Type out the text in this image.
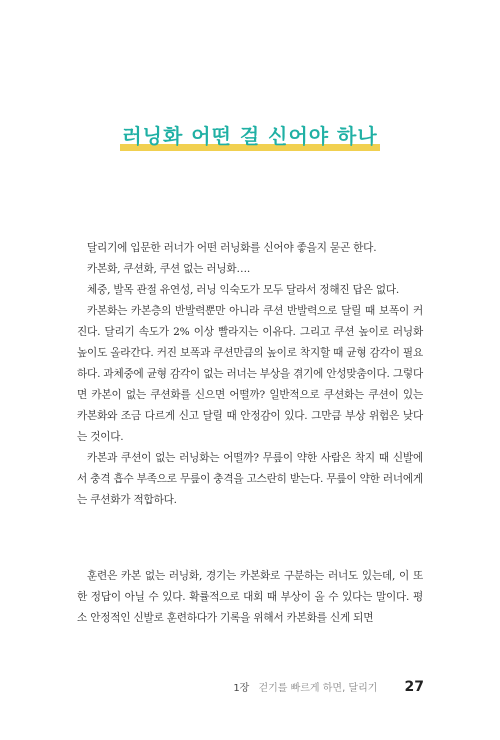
러닝화 어떤 걸 신어야 하나

달리기에 입문한 러너가 어떤 러닝화를 신어야 좋을지 묻곤 한다.

카본화, 쿠션화, 쿠션 없는 러닝화….

체중, 발목 관절 유연성, 러닝 익숙도가 모두 달라서 정해진 답은 없다.

카본화는 카본층의 반발력뿐만 아니라 쿠션 반발력으로 달릴 때 보폭이 커진다. 달리기 속도가 2% 이상 빨라지는 이유다. 그리고 쿠션 높이로 러닝화 높이도 올라간다. 커진 보폭과 쿠션만큼의 높이로 착지할 때 균형 감각이 필요하다. 과체중에 균형 감각이 없는 러너는 부상을 겪기에 안성맞춤이다. 그렇다면 카본이 없는 쿠션화를 신으면 어떨까? 일반적으로 쿠션화는 쿠션이 있는 카본화와 조금 다르게 신고 달릴 때 안정감이 있다. 그만큼 부상 위험은 낮다는 것이다.

카본과 쿠션이 없는 러닝화는 어떨까? 무릎이 약한 사람은 착지 때 신발에서 충격 흡수 부족으로 무릎이 충격을 고스란히 받는다. 무릎이 약한 러너에게는 쿠션화가 적합하다.

훈련은 카본 없는 러닝화, 경기는 카본화로 구분하는 러너도 있는데, 이 또한 정답이 아닐 수 있다. 확률적으로 대회 때 부상이 올 수 있다는 말이다. 평소 안정적인 신발로 훈련하다가 기록을 위해서 카본화를 신게 되면

1장 걷기를 빠르게 하면, 달리기 27
